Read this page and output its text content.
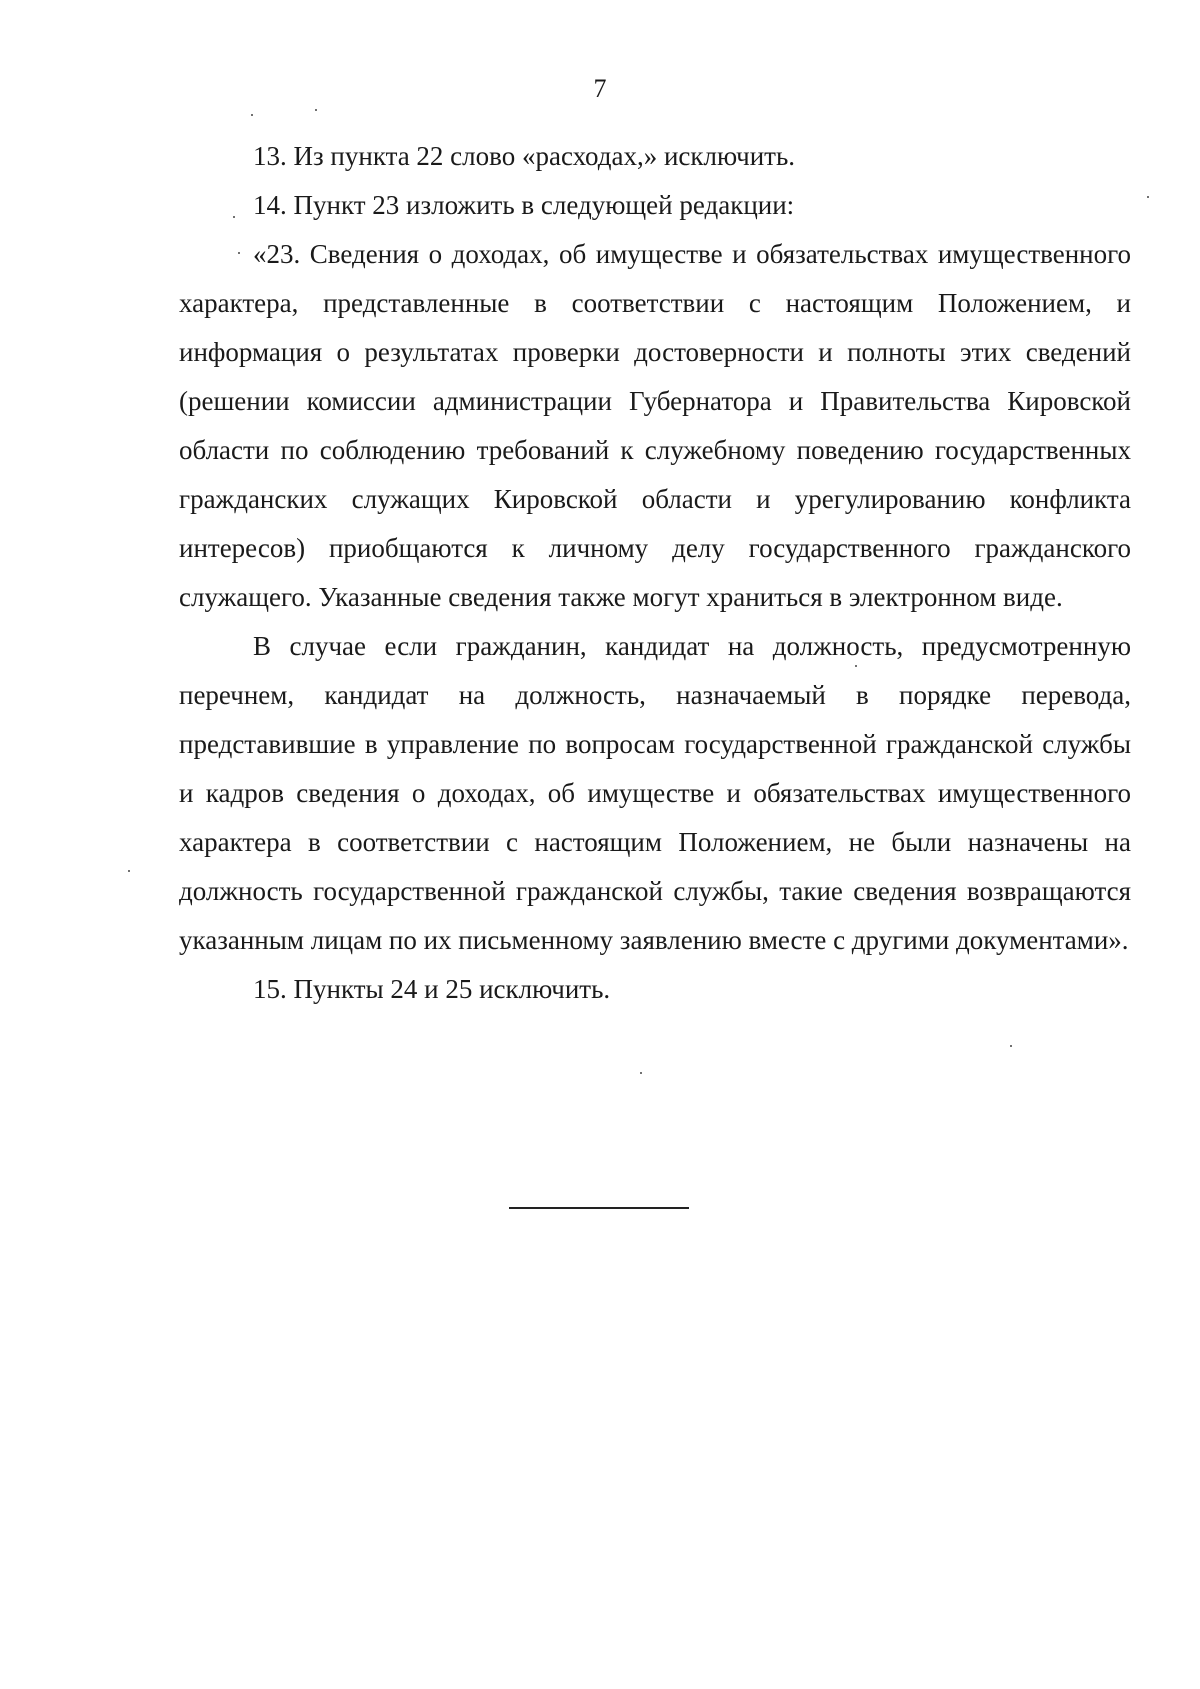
7

13. Из пункта 22 слово «расходах,» исключить.

14. Пункт 23 изложить в следующей редакции:

«23. Сведения о доходах, об имуществе и обязательствах имущественного характера, представленные в соответствии с настоящим Положением, и информация о результатах проверки достоверности и полноты этих сведений (решении комиссии администрации Губернатора и Правительства Кировской области по соблюдению требований к служебному поведению государственных гражданских служащих Кировской области и урегулированию конфликта интересов) приобщаются к личному делу государственного гражданского служащего. Указанные сведения также могут храниться в электронном виде.

В случае если гражданин, кандидат на должность, предусмотренную перечнем, кандидат на должность, назначаемый в порядке перевода, представившие в управление по вопросам государственной гражданской службы и кадров сведения о доходах, об имуществе и обязательствах имущественного характера в соответствии с настоящим Положением, не были назначены на должность государственной гражданской службы, такие сведения возвращаются указанным лицам по их письменному заявлению вместе с другими документами».

15. Пункты 24 и 25 исключить.
